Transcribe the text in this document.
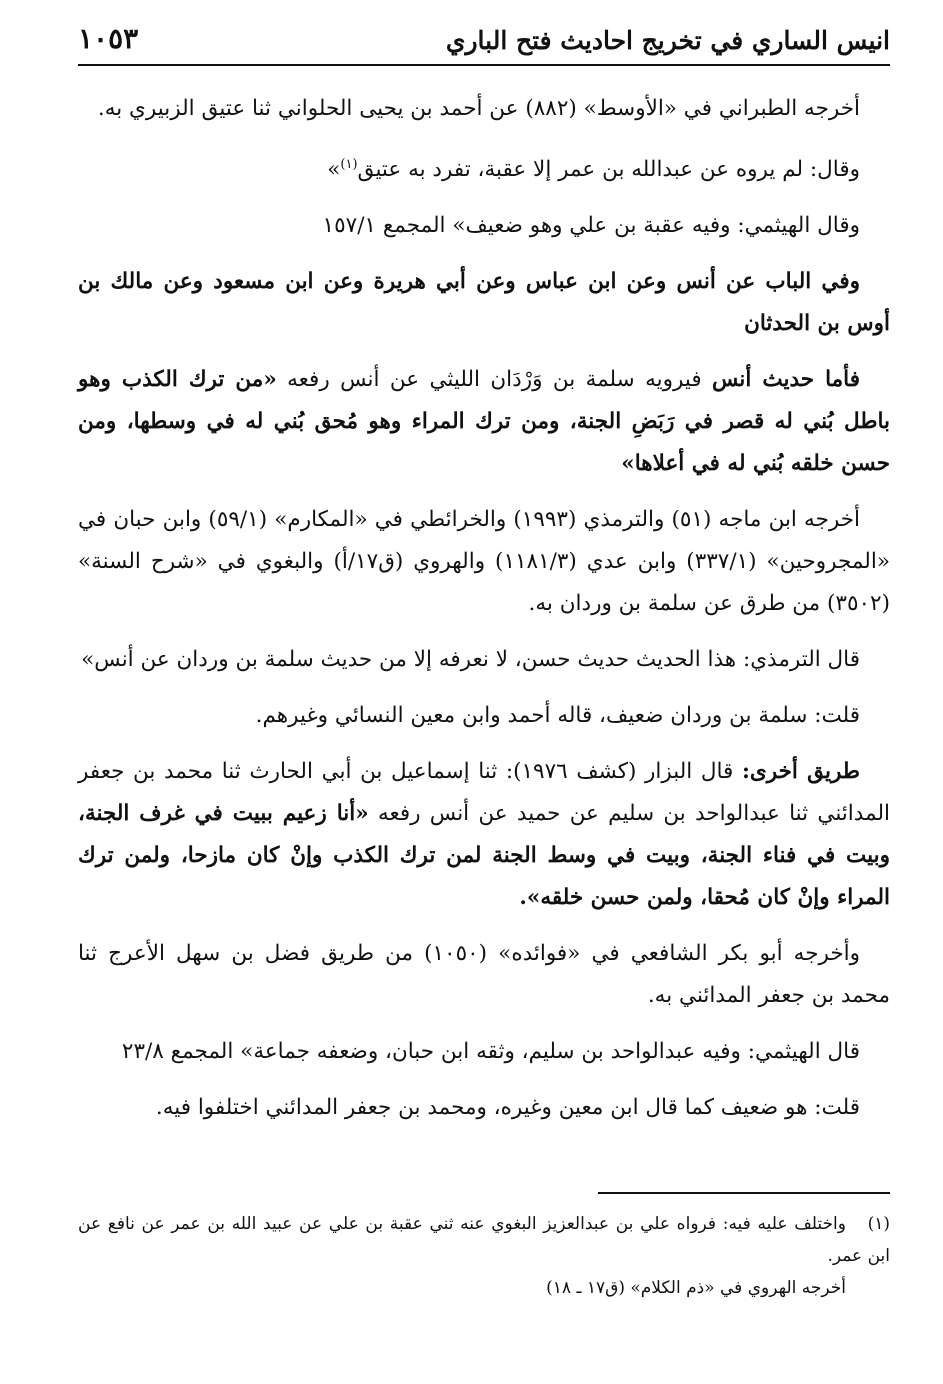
انيس الساري في تخريج احاديث فتح الباري
١٠٥٣

أخرجه الطبراني في «الأوسط» (٨٨٢) عن أحمد بن يحيى الحلواني ثنا عتيق الزبيري به.

وقال: لم يروه عن عبدالله بن عمر إلا عقبة، تفرد به عتيق$^{(١)}$»

وقال الهيثمي: وفيه عقبة بن علي وهو ضعيف» المجمع ١٥٧/١

وفي الباب عن أنس وعن ابن عباس وعن أبي هريرة وعن ابن مسعود وعن مالك بن أوس بن الحدثان

فأما حديث أنس فيرويه سلمة بن وَرْدَان الليثي عن أنس رفعه «من ترك الكذب وهو باطل بُني له قصر في رَبَضِ الجنة، ومن ترك المراء وهو مُحق بُني له في وسطها، ومن حسن خلقه بُني له في أعلاها»

أخرجه ابن ماجه (٥١) والترمذي (١٩٩٣) والخرائطي في «المكارم» (٥٩/١) وابن حبان في «المجروحين» (٣٣٧/١) وابن عدي (١١٨١/٣) والهروي (ق١٧/أ) والبغوي في «شرح السنة» (٣٥٠٢) من طرق عن سلمة بن وردان به.

قال الترمذي: هذا الحديث حديث حسن، لا نعرفه إلا من حديث سلمة بن وردان عن أنس»

قلت: سلمة بن وردان ضعيف، قاله أحمد وابن معين النسائي وغيرهم.

طريق أخرى: قال البزار (كشف ١٩٧٦): ثنا إسماعيل بن أبي الحارث ثنا محمد بن جعفر المدائني ثنا عبدالواحد بن سليم عن حميد عن أنس رفعه «أنا زعيم ببيت في غرف الجنة، وبيت في فناء الجنة، وبيت في وسط الجنة لمن ترك الكذب وإنْ كان مازحا، ولمن ترك المراء وإنْ كان مُحقا، ولمن حسن خلقه».

وأخرجه أبو بكر الشافعي في «فوائده» (١٠٥٠) من طريق فضل بن سهل الأعرج ثنا محمد بن جعفر المدائني به.

قال الهيثمي: وفيه عبدالواحد بن سليم، وثقه ابن حبان، وضعفه جماعة» المجمع ٢٣/٨

قلت: هو ضعيف كما قال ابن معين وغيره، ومحمد بن جعفر المدائني اختلفوا فيه.

(١)واختلف عليه فيه: فرواه علي بن عبدالعزيز البغوي عنه ثني عقبة بن علي عن عبيد الله بن عمر عن نافع عن ابن عمر.

أخرجه الهروي في «ذم الكلام» (ق١٧ ـ ١٨)
